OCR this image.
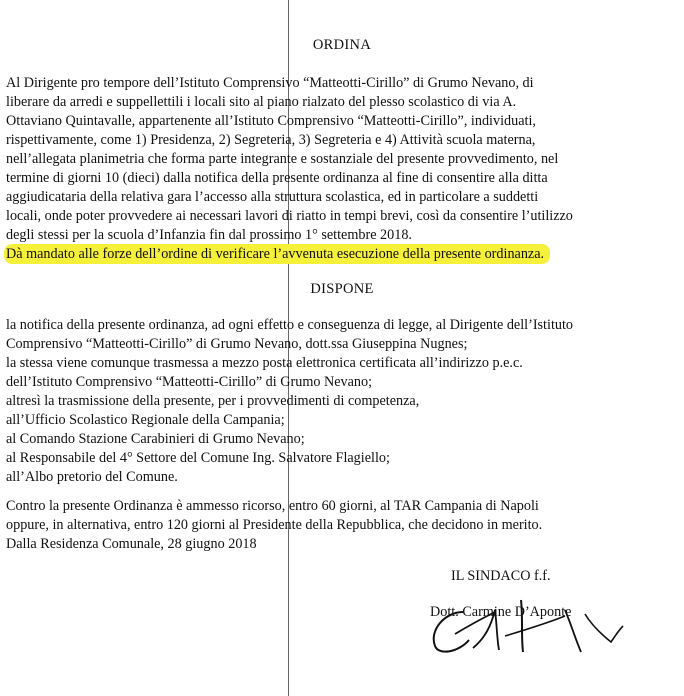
ORDINA
Al Dirigente pro tempore dell’Istituto Comprensivo “Matteotti-Cirillo” di Grumo Nevano, di
liberare da arredi e suppellettili i locali sito al piano rialzato del plesso scolastico di via A.
Ottaviano Quintavalle, appartenente all’Istituto Comprensivo “Matteotti-Cirillo”, individuati,
rispettivamente, come 1) Presidenza, 2) Segreteria, 3) Segreteria e 4) Attività scuola materna,
nell’allegata planimetria che forma parte integrante e sostanziale del presente provvedimento, nel
termine di giorni 10 (dieci) dalla notifica della presente ordinanza al fine di consentire alla ditta
aggiudicataria della relativa gara l’accesso alla struttura scolastica, ed in particolare a suddetti
locali, onde poter provvedere ai necessari lavori di riatto in tempi brevi, così da consentire l’utilizzo
degli stessi per la scuola d’Infanzia fin dal prossimo 1° settembre 2018.
Dà mandato alle forze dell’ordine di verificare l’avvenuta esecuzione della presente ordinanza.
DISPONE
la notifica della presente ordinanza, ad ogni effetto e conseguenza di legge, al Dirigente dell’Istituto
Comprensivo “Matteotti-Cirillo” di Grumo Nevano, dott.ssa Giuseppina Nugnes;
la stessa viene comunque trasmessa a mezzo posta elettronica certificata all’indirizzo p.e.c.
dell’Istituto Comprensivo “Matteotti-Cirillo” di Grumo Nevano;
altresì la trasmissione della presente, per i provvedimenti di competenza,
all’Ufficio Scolastico Regionale della Campania;
al Comando Stazione Carabinieri di Grumo Nevano;
al Responsabile del 4° Settore del Comune Ing. Salvatore Flagiello;
all’Albo pretorio del Comune.
Contro la presente Ordinanza è ammesso ricorso, entro 60 giorni, al TAR Campania di Napoli
oppure, in alternativa, entro 120 giorni al Presidente della Repubblica, che decidono in merito.
Dalla Residenza Comunale, 28 giugno 2018
IL SINDACO f.f.
Dott. Carmine D’Aponte
